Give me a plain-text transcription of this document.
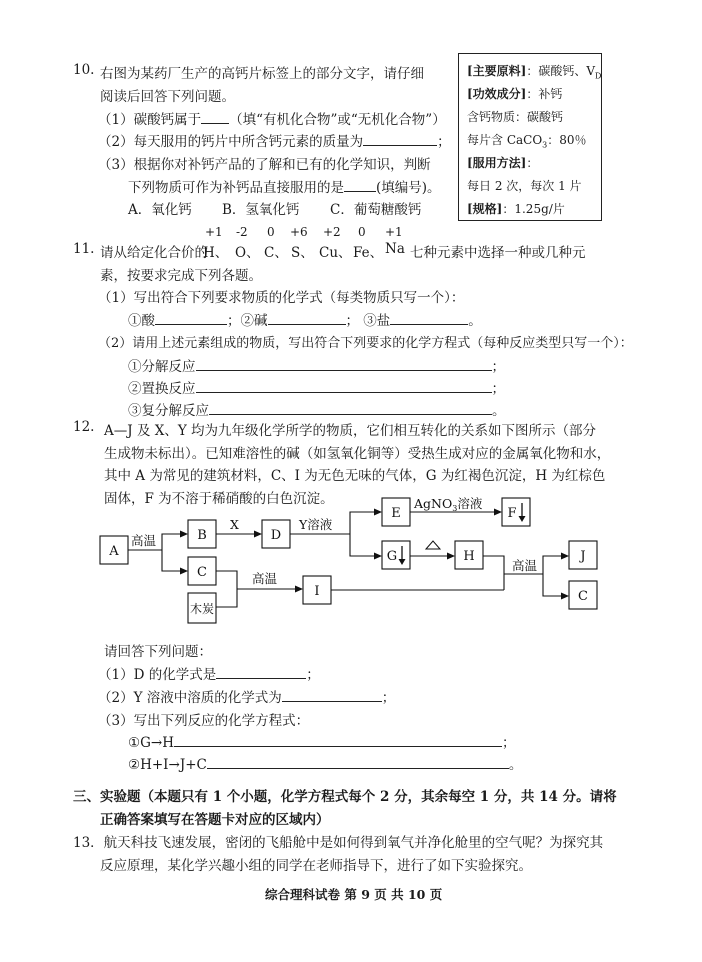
10. 右图为某药厂生产的高钙片标签上的部分文字，请仔细
阅读后回答下列问题。
（1）碳酸钙属于 （填“有机化合物”或“无机化合物”）
（2）每天服用的钙片中所含钙元素的质量为	；
（3）根据你对补钙产品的了解和已有的化学知识，判断
下列物质可作为补钙品直接服用的是 (填编号)。
A．氧化钙 B．氢氧化钙 C．葡萄糖酸钙
[主要原料]：碳酸钙、$V_D$
[功效成分]：补钙
含钙物质：碳酸钙
每片含 CaCO$_3$：80％
[服用方法]：
每日 2 次，每次 1 片
[规格]：1.25g/片
+1 -2 0 +6 +2 0 +1
11. 请从给定化合价的
H、 O、 C、 S、 Cu、 Fe、 Na 七种元素中选择一种或几种元
素，按要求完成下列各题。
（1）写出符合下列要求物质的化学式（每类物质只写一个）：
①酸	；②碱	； ③盐	。
（2）请用上述元素组成的物质，写出符合下列要求的化学方程式（每种反应类型只写一个）：
①分解反应	；
②置换反应	；
③复分解反应	。
12. A—J 及 X、Y 均为九年级化学所学的物质，它们相互转化的关系如下图所示（部分
生成物未标出）。已知难溶性的碱（如氢氧化铜等）受热生成对应的金属氧化物和水，
其中 A 为常见的建筑材料，C、I 为无色无味的气体，G 为红褐色沉淀，H 为红棕色
固体，F 为不溶于稀硝酸的白色沉淀。
A
B
C
木炭
D
E	F
G	H
I
J
C
高温
X	Y溶液
AgNO$_3$溶液
高温
高温
请回答下列问题：
（1）D 的化学式是	；
（2）Y 溶液中溶质的化学式为	；
（3）写出下列反应的化学方程式：
①G→H	；
②H+I→J+C	。
三、实验题（本题只有 1 个小题，化学方程式每个 2 分，其余每空 1 分，共 14 分。请将
正确答案填写在答题卡对应的区域内）
13．航天科技飞速发展，密闭的飞船舱中是如何得到氧气并净化舱里的空气呢？为探究其
反应原理，某化学兴趣小组的同学在老师指导下，进行了如下实验探究。
综合理科试卷 第 9 页 共 10 页
